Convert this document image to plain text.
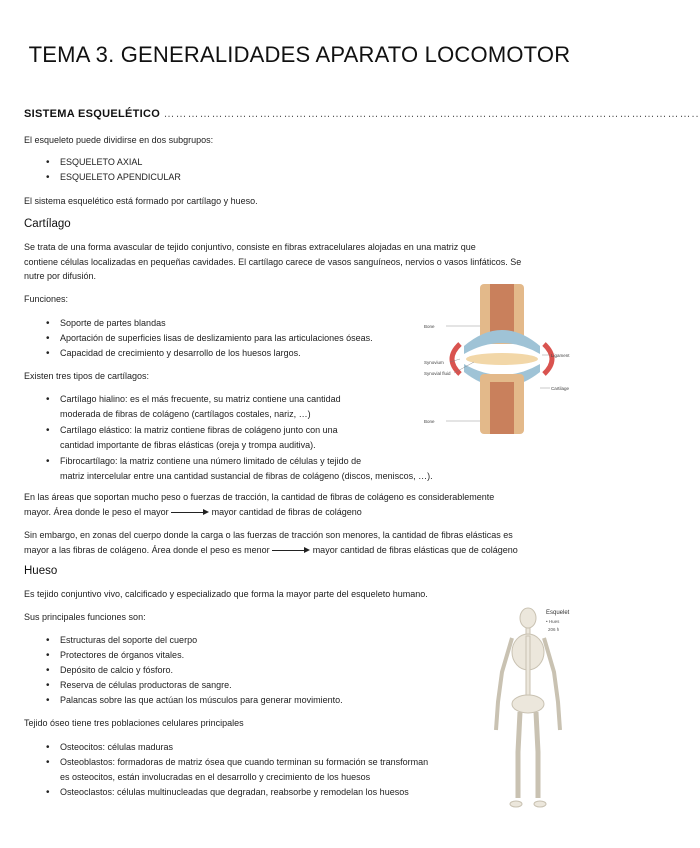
TEMA 3. GENERALIDADES APARATO LOCOMOTOR
SISTEMA ESQUELÉTICO ……………………………………………………………………………………………………………………..
El esqueleto puede dividirse en dos subgrupos:
• ESQUELETO AXIAL
• ESQUELETO APENDICULAR
El sistema esquelético está formado por cartílago y hueso.
Cartílago
Se trata de una forma avascular de tejido conjuntivo, consiste en fibras extracelulares alojadas en una matriz que
contiene células localizadas en pequeñas cavidades. El cartílago carece de vasos sanguíneos, nervios o vasos linfáticos. Se
nutre por difusión.
Funciones:
• Soporte de partes blandas
• Aportación de superficies lisas de deslizamiento para las articulaciones óseas.
• Capacidad de crecimiento y desarrollo de los huesos largos.
Existen tres tipos de cartílagos:
• Cartílago hialino: es el más frecuente, su matriz contiene una cantidad
moderada de fibras de colágeno (cartílagos costales, nariz, …)
• Cartílago elástico: la matriz contiene fibras de colágeno junto con una
cantidad importante de fibras elásticas (oreja y trompa auditiva).
• Fibrocartílago: la matriz contiene una número limitado de células y tejido de
matriz intercelular entre una cantidad sustancial de fibras de colágeno (discos, meniscos, …).
Bone
Synovium
Synovial fluid
Bone
Ligament
Cartilage
En las áreas que soportan mucho peso o fuerzas de tracción, la cantidad de fibras de colágeno es considerablemente
mayor. Área donde le peso el mayor	mayor cantidad de fibras de colágeno
Sin embargo, en zonas del cuerpo donde la carga o las fuerzas de tracción son menores, la cantidad de fibras elásticas es
mayor a las fibras de colágeno. Área donde el peso es menor	mayor cantidad de fibras elásticas que de colágeno
Hueso
Es tejido conjuntivo vivo, calcificado y especializado que forma la mayor parte del esqueleto humano.
Sus principales funciones son:
• Estructuras del soporte del cuerpo
• Protectores de órganos vitales.
• Depósito de calcio y fósforo.
• Reserva de células productoras de sangre.
• Palancas sobre las que actúan los músculos para generar movimiento.
Tejido óseo tiene tres poblaciones celulares principales
• Osteocitos: células maduras
• Osteoblastos: formadoras de matriz ósea que cuando terminan su formación se transforman
es osteocitos, están involucradas en el desarrollo y crecimiento de los huesos
• Osteoclastos: células multinucleadas que degradan, reabsorbe y remodelan los huesos
Esquelet
• Hues
206 h
